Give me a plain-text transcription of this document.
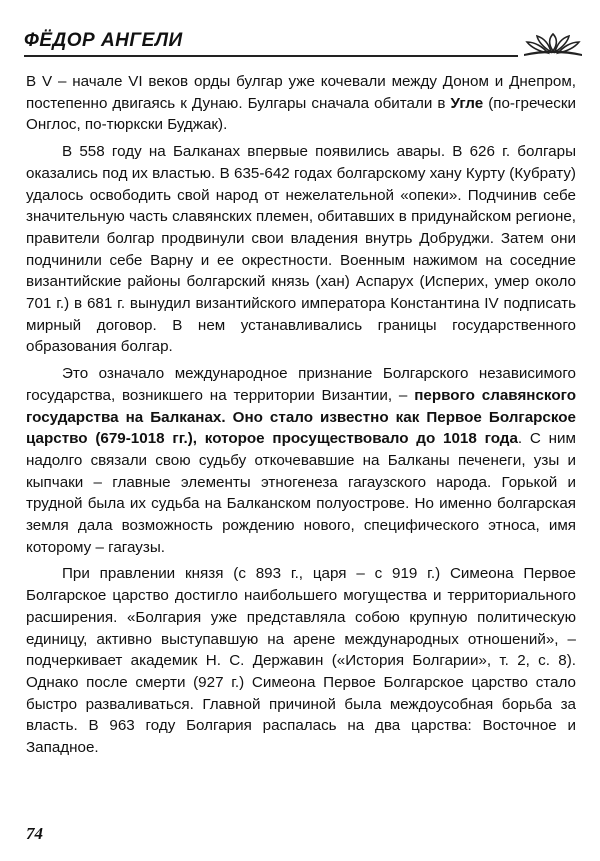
ФЁДОР АНГЕЛИ

В V – начале VI веков орды булгар уже кочевали между Доном и Днепром, постепенно двигаясь к Дунаю. Булгары сначала обитали в Угле (по-гречески Онглос, по-тюркски Буджак).

В 558 году на Балканах впервые появились авары. В 626 г. болгары оказались под их властью. В 635-642 годах болгарскому хану Курту (Кубрату) удалось освободить свой народ от нежелательной «опеки». Подчинив себе значительную часть славянских племен, обитавших в придунайском регионе, правители болгар продвинули свои владения внутрь Добруджи. Затем они подчинили себе Варну и ее окрестности. Военным нажимом на соседние византийские районы болгарский князь (хан) Аспарух (Исперих, умер около 701 г.) в 681 г. вынудил византийского императора Константина IV подписать мирный договор. В нем устанавливались границы государственного образования болгар.

Это означало международное признание Болгарского независимого государства, возникшего на территории Византии, – первого славянского государства на Балканах. Оно стало известно как Первое Болгарское царство (679-1018 гг.), которое просуществовало до 1018 года. С ним надолго связали свою судьбу откочевавшие на Балканы печенеги, узы и кыпчаки – главные элементы этногенеза гагаузского народа. Горькой и трудной была их судьба на Балканском полуострове. Но именно болгарская земля дала возможность рождению нового, специфического этноса, имя которому – гагаузы.

При правлении князя (с 893 г., царя – с 919 г.) Симеона Первое Болгарское царство достигло наибольшего могущества и территориального расширения. «Болгария уже представляла собою крупную политическую единицу, активно выступавшую на арене международных отношений», – подчеркивает академик Н. С. Державин («История Болгарии», т. 2, с. 8). Однако после смерти (927 г.) Симеона Первое Болгарское царство стало быстро разваливаться. Главной причиной была междоусобная борьба за власть. В 963 году Болгария распалась на два царства: Восточное и Западное.

74
